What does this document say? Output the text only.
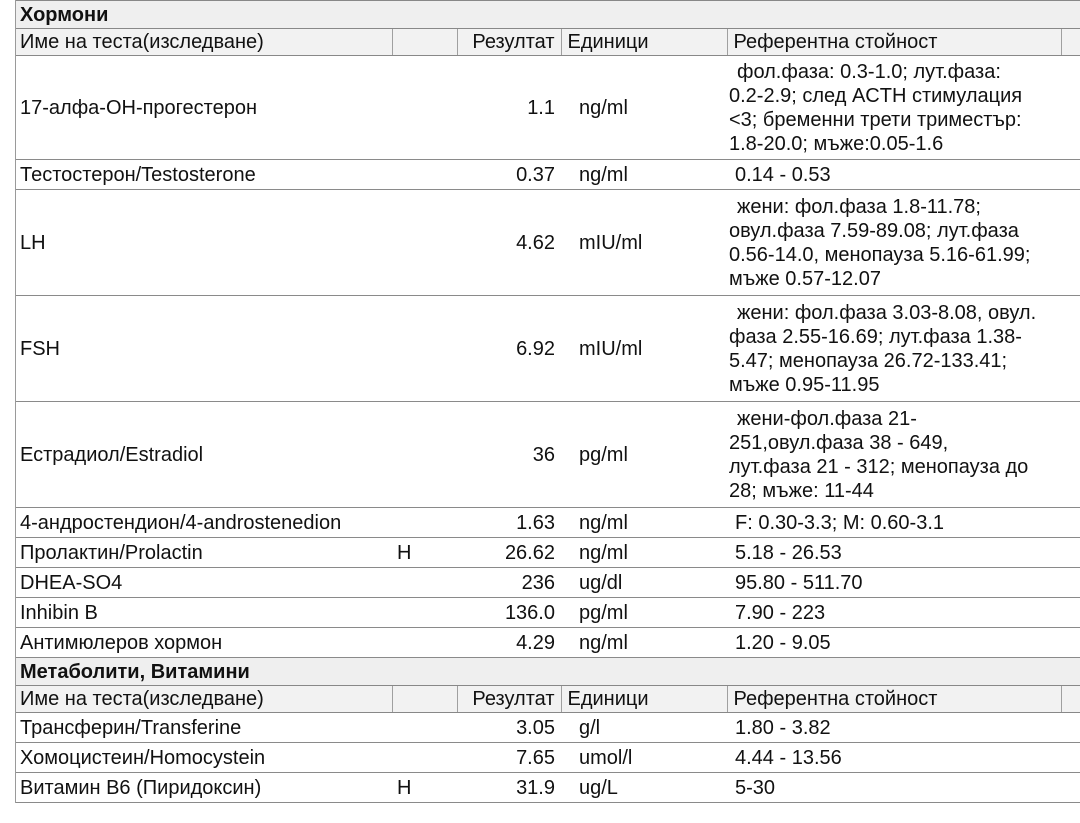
Хормони					
Име на теста(изследване)		Резултат	Единици	Референтна стойност	
17-алфа-OH-прогестерон		1.1	ng/ml	фол.фаза: 0.3-1.0; лут.фаза:
0.2-2.9; след ACTH стимулация
<3; бременни трети триместър:
1.8-20.0; мъже:0.05-1.6	

Тестостерон/Testosterone		0.37	ng/ml	0.14 - 0.53	
LH		4.62	mIU/ml	жени: фол.фаза 1.8-11.78;
овул.фаза 7.59-89.08; лут.фаза
0.56-14.0, менопауза 5.16-61.99;
мъже 0.57-12.07	

FSH		6.92	mIU/ml	жени: фол.фаза 3.03-8.08, овул.
фаза 2.55-16.69; лут.фаза 1.38-
5.47; менопауза 26.72-133.41;
мъже 0.95-11.95	

Естрадиол/Estradiol		36	pg/ml	жени-фол.фаза 21-
251,овул.фаза 38 - 649,
лут.фаза 21 - 312; менопауза до
28; мъже: 11-44	

4-андростендион/4-androstenedion		1.63	ng/ml	F: 0.30-3.3; M: 0.60-3.1	
Пролактин/Prolactin	H	26.62	ng/ml	5.18 - 26.53	
DHEA-SO4		236	ug/dl	95.80 - 511.70	
Inhibin B		136.0	pg/ml	7.90 - 223	
Антимюлеров хормон		4.29	ng/ml	1.20 - 9.05	
Метаболити, Витамини					
Име на теста(изследване)		Резултат	Единици	Референтна стойност	
Трансферин/Transferine		3.05	g/l	1.80 - 3.82	
Хомоцистеин/Homocystein		7.65	umol/l	4.44 - 13.56	
Витамин B6 (Пиридоксин)	H	31.9	ug/L	5-30	
